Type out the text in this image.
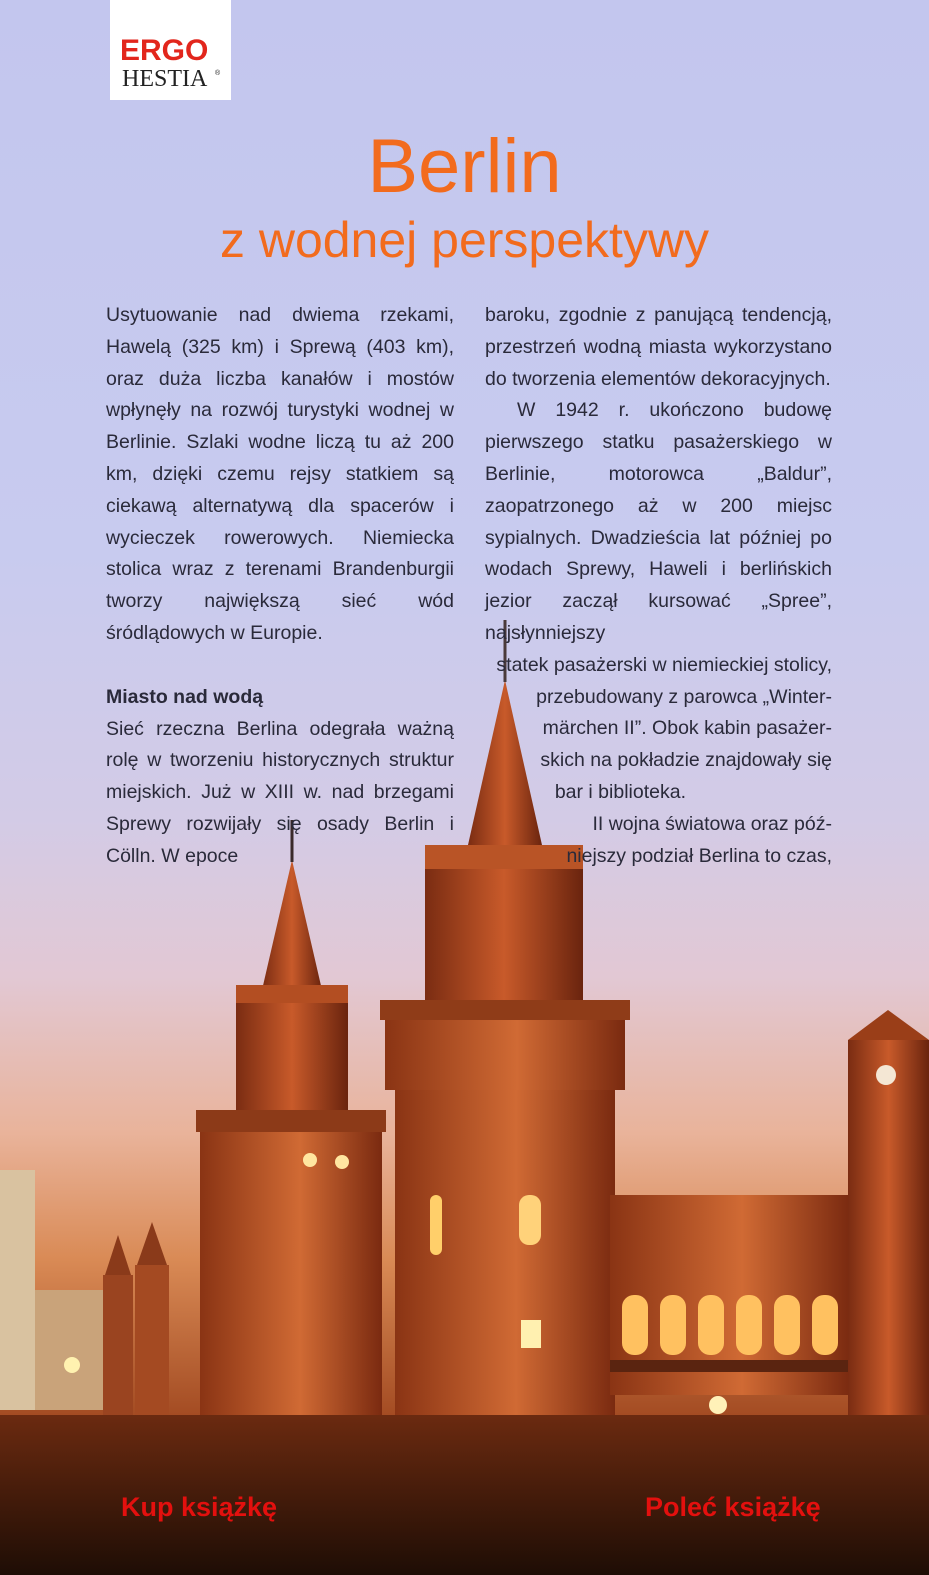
ERGO
HESTIA ®
Berlin
z wodnej perspektywy

Usytuowanie nad dwiema rzekami, Hawelą (325 km) i Sprewą (403 km), oraz duża liczba kanałów i mostów wpłynęły na rozwój turystyki wodnej w Berlinie. Szlaki wodne liczą tu aż 200 km, dzięki czemu rejsy statkiem są ciekawą alternatywą dla spacerów i wycieczek rowerowych. Niemiecka stolica wraz z terenami Brandenburgii tworzy największą sieć wód śródlądowych w Europie.

Miasto nad wodą

Sieć rzeczna Berlina odegrała ważną rolę w tworzeniu historycznych struktur miejskich. Już w XIII w. nad brzegami Sprewy rozwijały się osady Berlin i Cölln. W epoce

baroku, zgodnie z panującą tendencją, przestrzeń wodną miasta wykorzystano do tworzenia elementów dekoracyjnych.

W 1942 r. ukończono budowę pierwszego statku pasażerskiego w Berlinie, motorowca „Baldur”, zaopatrzonego aż w 200 miejsc sypialnych. Dwadzieścia lat później po wodach Sprewy, Haweli i berlińskich jezior zaczął kursować „Spree”, najsłynniejszy

statek pasażerski w niemieckiej stolicy,

przebudowany z parowca „Winter-

märchen II”. Obok kabin pasażer-

skich na pokładzie znajdowały się

bar i biblioteka.

II wojna światowa oraz póź-

niejszy podział Berlina to czas,

Kup książkę	Poleć książkę
